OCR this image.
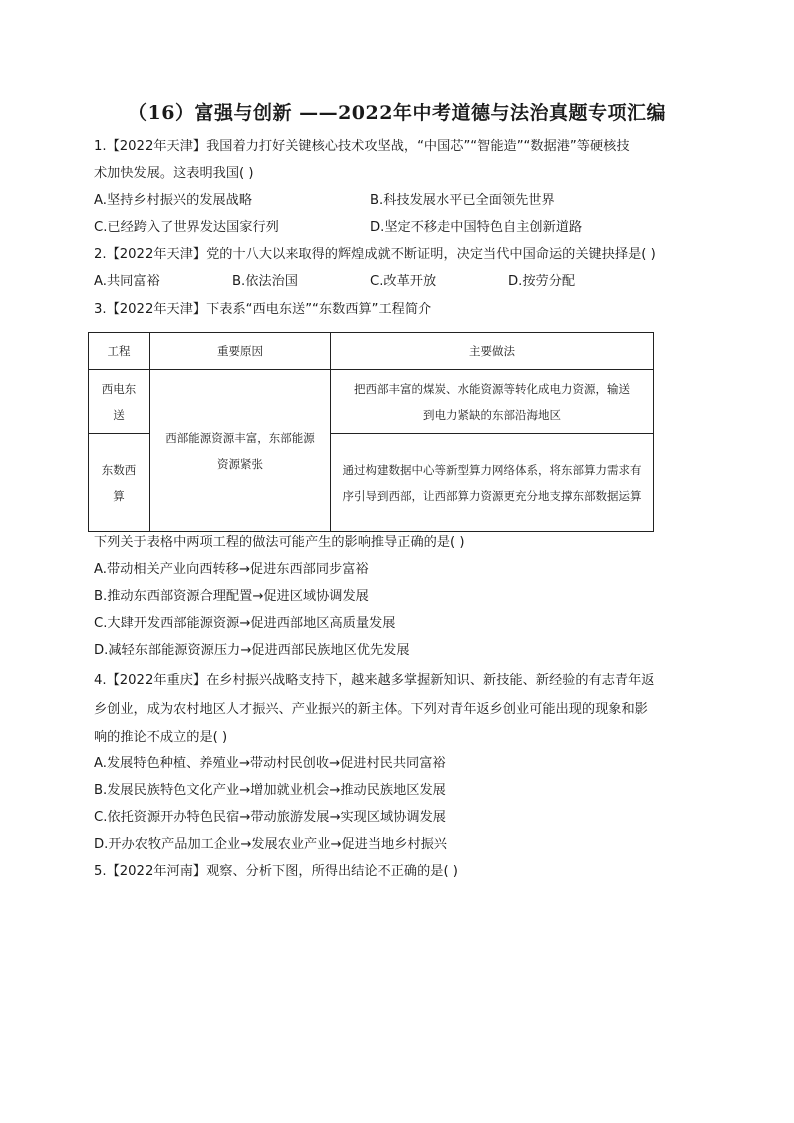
（16）富强与创新 ——2022年中考道德与法治真题专项汇编
1.【2022年天津】我国着力打好关键核心技术攻坚战，“中国芯”“智能造”“数据港”等硬核技
术加快发展。这表明我国( )
A.坚持乡村振兴的发展战略	B.科技发展水平已全面领先世界
C.已经跨入了世界发达国家行列	D.坚定不移走中国特色自主创新道路
2.【2022年天津】党的十八大以来取得的辉煌成就不断证明，决定当代中国命运的关键抉择是( )
A.共同富裕	B.依法治国	C.改革开放	D.按劳分配
3.【2022年天津】下表系“西电东送”“东数西算”工程简介
工程	重要原因	主要做法
西电东送	西部能源资源丰富，东部能源资源紧张	把西部丰富的煤炭、水能资源等转化成电力资源，输送到电力紧缺的东部沿海地区
东数西算		通过构建数据中心等新型算力网络体系，将东部算力需求有序引导到西部，让西部算力资源更充分地支撑东部数据运算
下列关于表格中两项工程的做法可能产生的影响推导正确的是( )
A.带动相关产业向西转移→促进东西部同步富裕
B.推动东西部资源合理配置→促进区域协调发展
C.大肆开发西部能源资源→促进西部地区高质量发展
D.减轻东部能源资源压力→促进西部民族地区优先发展
4.【2022年重庆】在乡村振兴战略支持下，越来越多掌握新知识、新技能、新经验的有志青年返
乡创业，成为农村地区人才振兴、产业振兴的新主体。下列对青年返乡创业可能出现的现象和影
响的推论不成立的是( )
A.发展特色种植、养殖业→带动村民创收→促进村民共同富裕
B.发展民族特色文化产业→增加就业机会→推动民族地区发展
C.依托资源开办特色民宿→带动旅游发展→实现区域协调发展
D.开办农牧产品加工企业→发展农业产业→促进当地乡村振兴
5.【2022年河南】观察、分析下图，所得出结论不正确的是( )
